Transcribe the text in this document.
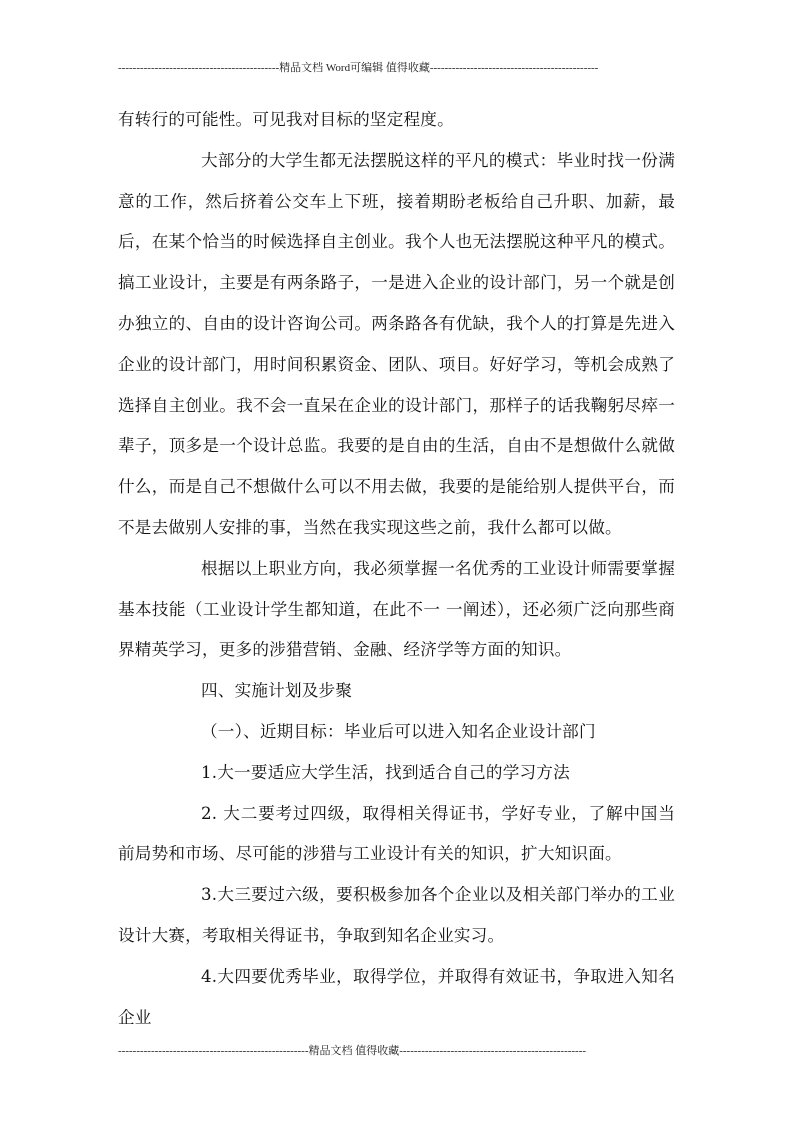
--------------------------------------------精品文档 Word可编辑 值得收藏----------------------------------------------

有转行的可能性。可见我对目标的坚定程度。

大部分的大学生都无法摆脱这样的平凡的模式：毕业时找一份满意的工作，然后挤着公交车上下班，接着期盼老板给自己升职、加薪，最后，在某个恰当的时候选择自主创业。我个人也无法摆脱这种平凡的模式。搞工业设计，主要是有两条路子，一是进入企业的设计部门，另一个就是创办独立的、自由的设计咨询公司。两条路各有优缺，我个人的打算是先进入企业的设计部门，用时间积累资金、团队、项目。好好学习，等机会成熟了选择自主创业。我不会一直呆在企业的设计部门，那样子的话我鞠躬尽瘁一辈子，顶多是一个设计总监。我要的是自由的生活，自由不是想做什么就做什么，而是自己不想做什么可以不用去做，我要的是能给别人提供平台，而不是去做别人安排的事，当然在我实现这些之前，我什么都可以做。

根据以上职业方向，我必须掌握一名优秀的工业设计师需要掌握基本技能（工业设计学生都知道，在此不一 一阐述），还必须广泛向那些商界精英学习，更多的涉猎营销、金融、经济学等方面的知识。

四、实施计划及步聚

（一）、近期目标：毕业后可以进入知名企业设计部门

1.大一要适应大学生活，找到适合自己的学习方法

2. 大二要考过四级，取得相关得证书，学好专业，了解中国当前局势和市场、尽可能的涉猎与工业设计有关的知识，扩大知识面。

3.大三要过六级，要积极参加各个企业以及相关部门举办的工业设计大赛，考取相关得证书，争取到知名企业实习。

4.大四要优秀毕业，取得学位，并取得有效证书，争取进入知名企业

----------------------------------------------------精品文档 值得收藏---------------------------------------------------
